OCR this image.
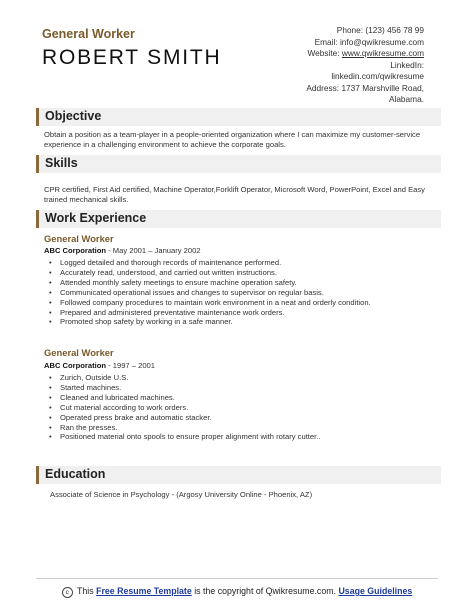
General Worker
ROBERT SMITH
Phone: (123) 456 78 99
Email: info@qwikresume.com
Website: www.qwikresume.com
LinkedIn:
linkedin.com/qwikresume
Address: 1737 Marshville Road,
Alabama.
Objective
Obtain a position as a team-player in a people-oriented organization where I can maximize my customer-service experience in a challenging environment to achieve the corporate goals.
Skills
CPR certified, First Aid certified, Machine Operator,Forklift Operator, Microsoft Word, PowerPoint, Excel and Easy trained mechanical skills.
Work Experience
General Worker
ABC Corporation - May 2001 – January 2002
• Logged detailed and thorough records of maintenance performed.
• Accurately read, understood, and carried out written instructions.
• Attended monthly safety meetings to ensure machine operation safety.
• Communicated operational issues and changes to supervisor on regular basis.
• Followed company procedures to maintain work environment in a neat and orderly condition.
• Prepared and administered preventative maintenance work orders.
• Promoted shop safety by working in a safe manner.
General Worker
ABC Corporation - 1997 – 2001
• Zurich, Outside U.S.
• Started machines.
• Cleaned and lubricated machines.
• Cut material according to work orders.
• Operated press brake and automatic stacker.
• Ran the presses.
• Positioned material onto spools to ensure proper alignment with rotary cutter..
Education
Associate of Science in Psychology - (Argosy University Online - Phoenix, AZ)
c This Free Resume Template is the copyright of Qwikresume.com. Usage Guidelines
